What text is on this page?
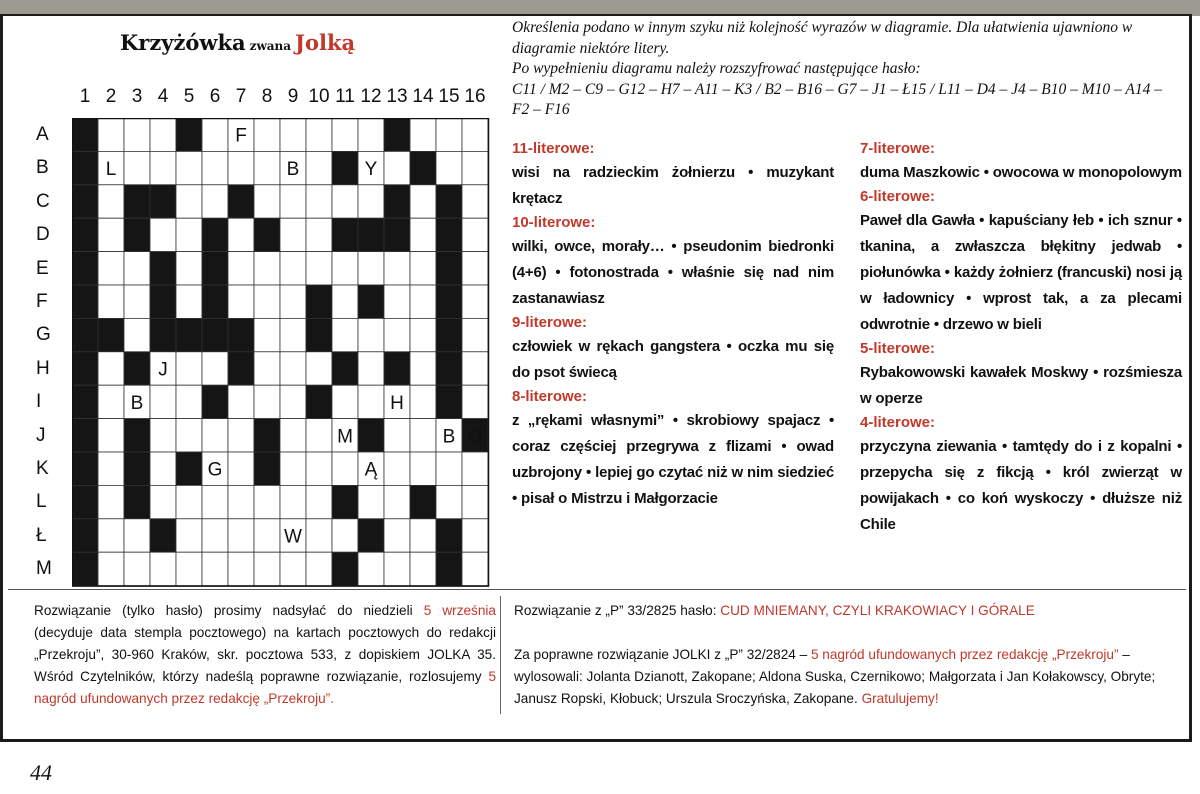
Krzyżówka zwana Jolką
1 2 3 4 5 6 7 8 9 10 11 12 13 14 15 16
A
B
C
D
E
F
G
H
I
J
K
L
Ł
M
F
L	B	Y
J
B	H
M	B Ó
G	Ą
W

Określenia podano w innym szyku niż kolejność wyrazów w diagramie. Dla ułatwienia ujawniono w diagramie niektóre litery.

Po wypełnieniu diagramu należy rozszyfrować następujące hasło:

C11 / M2 – C9 – G12 – H7 – A11 – K3 / B2 – B16 – G7 – J1 – Ł15 / L11 – D4 – J4 – B10 – M10 – A14 – F2 – F16

11-literowe:

wisi na radzieckim żołnierzu • muzykant krętacz

10-literowe:

wilki, owce, morały… • pseudonim biedronki (4+6) • fotonostrada • właśnie się nad nim zastanawiasz

9-literowe:

człowiek w rękach gangstera • oczka mu się do psot świecą

8-literowe:

z „rękami własnymi” • skrobiowy spajacz • coraz częściej przegrywa z flizami • owad uzbrojony • lepiej go czytać niż w nim siedzieć • pisał o Mistrzu i Małgorzacie

7-literowe:

duma Maszkowic • owocowa w monopolowym

6-literowe:

Paweł dla Gawła • kapuściany łeb • ich sznur • tkanina, a zwłaszcza błękitny jedwab • piołunówka • każdy żołnierz (francuski) nosi ją w ładownicy • wprost tak, a za plecami odwrotnie • drzewo w bieli

5-literowe:

Rybakowowski kawałek Moskwy • rozśmiesza w operze

4-literowe:

przyczyna ziewania • tamtędy do i z kopalni • przepycha się z fikcją • król zwierząt w powijakach • co koń wyskoczy • dłuższe niż Chile

Rozwiązanie (tylko hasło) prosimy nadsyłać do niedzieli 5 września (decyduje data stempla pocztowego) na kartach pocztowych do redakcji „Przekroju”, 30-960 Kraków, skr. pocztowa 533, z dopiskiem JOLKA 35. Wśród Czytelników, którzy nadeślą poprawne rozwiązanie, rozlosujemy 5 nagród ufundowanych przez redakcję „Przekroju”.

Rozwiązanie z „P” 33/2825 hasło: CUD MNIEMANY, CZYLI KRAKOWIACY I GÓRALE

Za poprawne rozwiązanie JOLKI z „P” 32/2824 – 5 nagród ufundowanych przez redakcję „Przekroju” – wylosowali: Jolanta Dzianott, Zakopane; Aldona Suska, Czernikowo; Małgorzata i Jan Kołakowscy, Obryte; Janusz Ropski, Kłobuck; Urszula Sroczyńska, Zakopane. Gratulujemy!

44
